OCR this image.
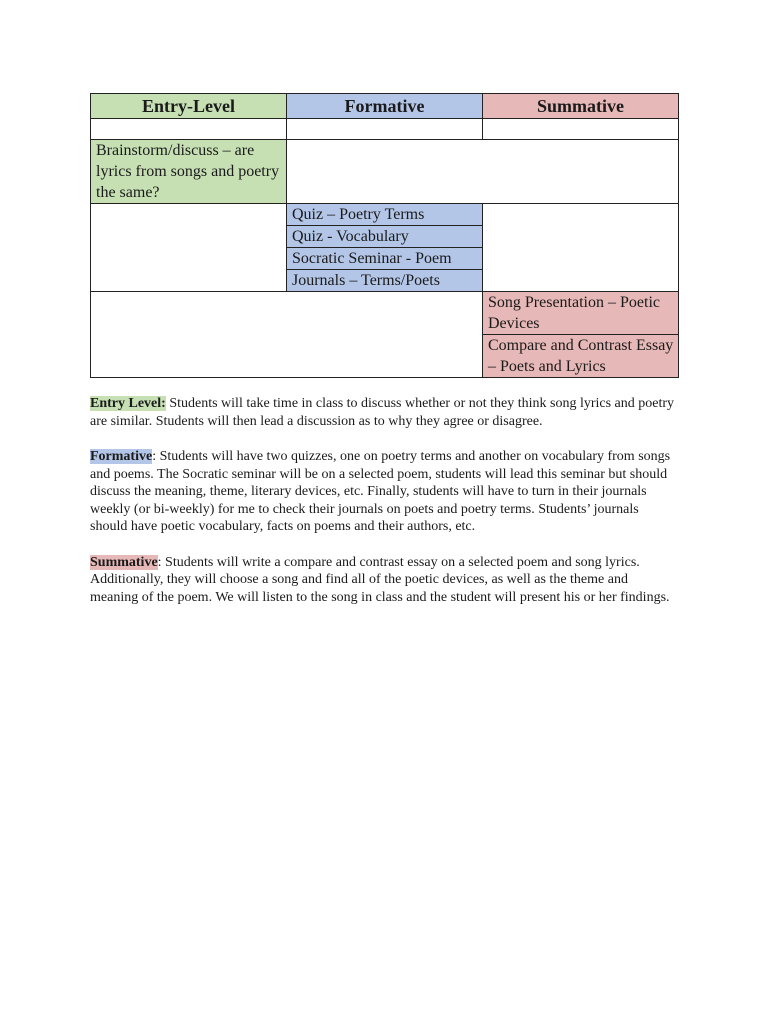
Entry-Level	Formative	Summative

Brainstorm/discuss – are lyrics from songs and poetry the same?		
	Quiz – Poetry Terms	
	Quiz - Vocabulary	
	Socratic Seminar - Poem	
	Journals – Terms/Poets	
		Song Presentation – Poetic Devices
		Compare and Contrast Essay – Poets and Lyrics

Entry Level: Students will take time in class to discuss whether or not they think song lyrics and poetry are similar. Students will then lead a discussion as to why they agree or disagree.

Formative: Students will have two quizzes, one on poetry terms and another on vocabulary from songs and poems. The Socratic seminar will be on a selected poem, students will lead this seminar but should discuss the meaning, theme, literary devices, etc. Finally, students will have to turn in their journals weekly (or bi-weekly) for me to check their journals on poets and poetry terms. Students’ journals should have poetic vocabulary, facts on poems and their authors, etc.

Summative: Students will write a compare and contrast essay on a selected poem and song lyrics. Additionally, they will choose a song and find all of the poetic devices, as well as the theme and meaning of the poem. We will listen to the song in class and the student will present his or her findings.
